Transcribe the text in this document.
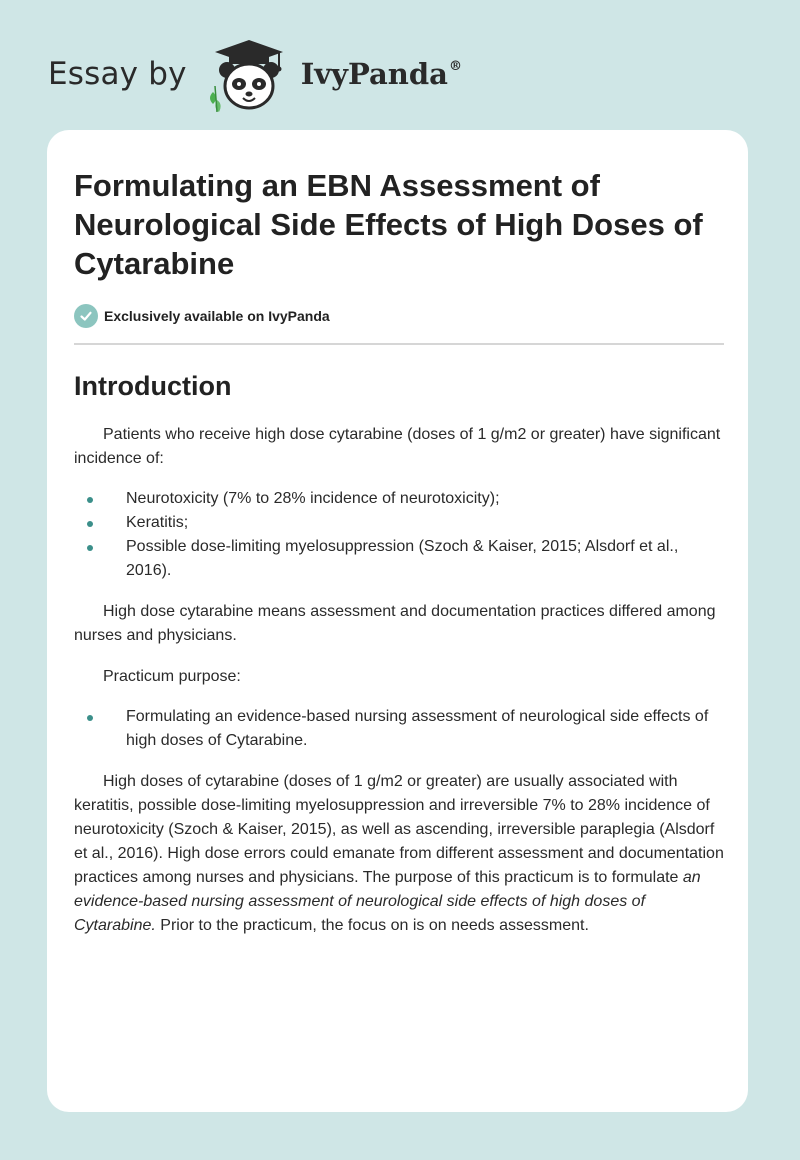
Essay by	IvyPanda ®
Formulating an EBN Assessment of Neurological Side Effects of High Doses of Cytarabine
Exclusively available on IvyPanda
Introduction

Patients who receive high dose cytarabine (doses of 1 g/m2 or greater) have significant incidence of:

Neurotoxicity (7% to 28% incidence of neurotoxicity);
Keratitis;
Possible dose-limiting myelosuppression (Szoch & Kaiser, 2015; Alsdorf et al., 2016).

High dose cytarabine means assessment and documentation practices differed among nurses and physicians.

Practicum purpose:

Formulating an evidence-based nursing assessment of neurological side effects of high doses of Cytarabine.

High doses of cytarabine (doses of 1 g/m2 or greater) are usually associated with keratitis, possible dose-limiting myelosuppression and irreversible 7% to 28% incidence of neurotoxicity (Szoch & Kaiser, 2015), as well as ascending, irreversible paraplegia (Alsdorf et al., 2016). High dose errors could emanate from different assessment and documentation practices among nurses and physicians. The purpose of this practicum is to formulate an evidence-based nursing assessment of neurological side effects of high doses of Cytarabine. Prior to the practicum, the focus on is on needs assessment.
